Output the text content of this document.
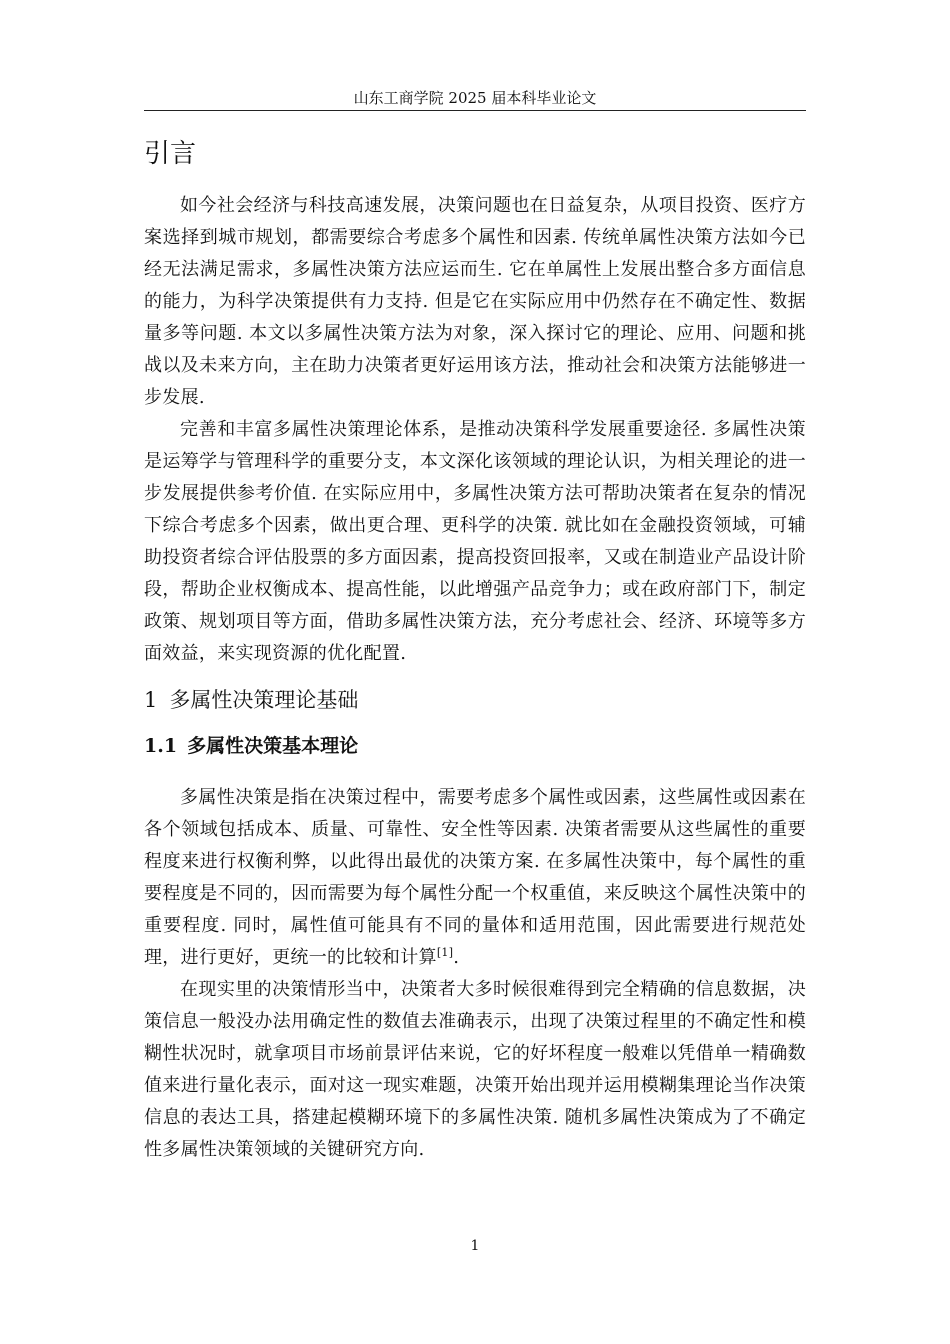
山东工商学院 2025 届本科毕业论文
引言

如今社会经济与科技高速发展，决策问题也在日益复杂，从项目投资、医疗方案选择到城市规划，都需要综合考虑多个属性和因素. 传统单属性决策方法如今已经无法满足需求，多属性决策方法应运而生. 它在单属性上发展出整合多方面信息的能力，为科学决策提供有力支持. 但是它在实际应用中仍然存在不确定性、数据量多等问题. 本文以多属性决策方法为对象，深入探讨它的理论、应用、问题和挑战以及未来方向，主在助力决策者更好运用该方法，推动社会和决策方法能够进一步发展.

完善和丰富多属性决策理论体系，是推动决策科学发展重要途径. 多属性决策是运筹学与管理科学的重要分支，本文深化该领域的理论认识，为相关理论的进一步发展提供参考价值. 在实际应用中，多属性决策方法可帮助决策者在复杂的情况下综合考虑多个因素，做出更合理、更科学的决策. 就比如在金融投资领域，可辅助投资者综合评估股票的多方面因素，提高投资回报率，又或在制造业产品设计阶段，帮助企业权衡成本、提高性能，以此增强产品竞争力；或在政府部门下，制定政策、规划项目等方面，借助多属性决策方法，充分考虑社会、经济、环境等多方面效益，来实现资源的优化配置.

1 多属性决策理论基础
1.1 多属性决策基本理论

多属性决策是指在决策过程中，需要考虑多个属性或因素，这些属性或因素在各个领域包括成本、质量、可靠性、安全性等因素. 决策者需要从这些属性的重要程度来进行权衡利弊，以此得出最优的决策方案. 在多属性决策中，每个属性的重要程度是不同的，因而需要为每个属性分配一个权重值，来反映这个属性决策中的重要程度. 同时，属性值可能具有不同的量体和适用范围，因此需要进行规范处理，进行更好，更统一的比较和计算[1].

在现实里的决策情形当中，决策者大多时候很难得到完全精确的信息数据，决策信息一般没办法用确定性的数值去准确表示，出现了决策过程里的不确定性和模糊性状况时，就拿项目市场前景评估来说，它的好坏程度一般难以凭借单一精确数值来进行量化表示，面对这一现实难题，决策开始出现并运用模糊集理论当作决策信息的表达工具，搭建起模糊环境下的多属性决策. 随机多属性决策成为了不确定性多属性决策领域的关键研究方向.

1
